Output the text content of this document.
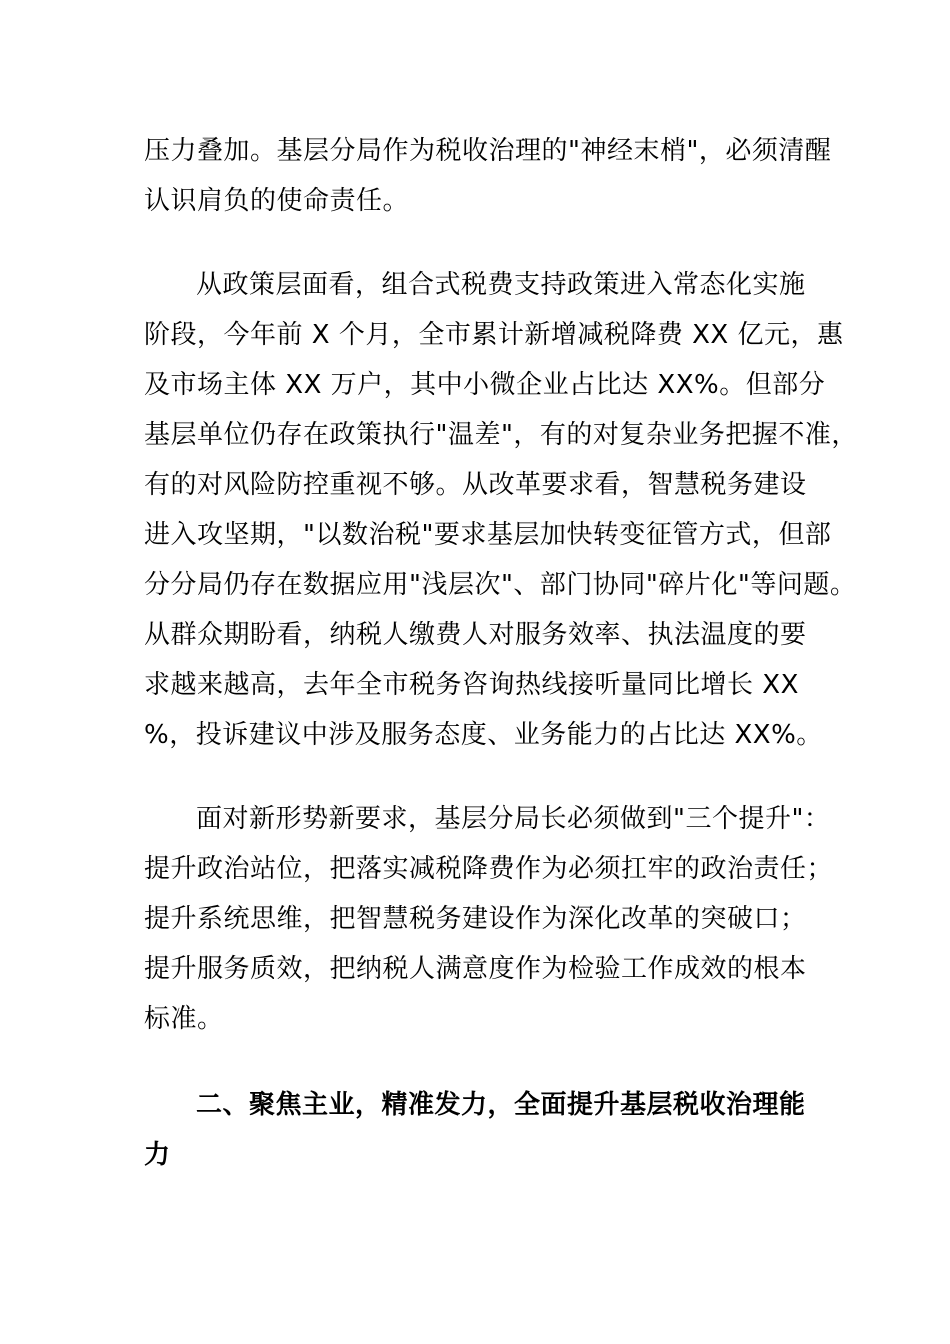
压力叠加。基层分局作为税收治理的"神经末梢"，必须清醒
认识肩负的使命责任。
从政策层面看，组合式税费支持政策进入常态化实施
阶段，今年前 X 个月，全市累计新增减税降费 XX 亿元，惠
及市场主体 XX 万户，其中小微企业占比达 XX%。但部分
基层单位仍存在政策执行"温差"，有的对复杂业务把握不准，
有的对风险防控重视不够。从改革要求看，智慧税务建设
进入攻坚期，"以数治税"要求基层加快转变征管方式，但部
分分局仍存在数据应用"浅层次"、部门协同"碎片化"等问题。
从群众期盼看，纳税人缴费人对服务效率、执法温度的要
求越来越高，去年全市税务咨询热线接听量同比增长 XX
%，投诉建议中涉及服务态度、业务能力的占比达 XX%。
面对新形势新要求，基层分局长必须做到"三个提升"：
提升政治站位，把落实减税降费作为必须扛牢的政治责任；
提升系统思维，把智慧税务建设作为深化改革的突破口；
提升服务质效，把纳税人满意度作为检验工作成效的根本
标准。
二、聚焦主业，精准发力，全面提升基层税收治理能
力
